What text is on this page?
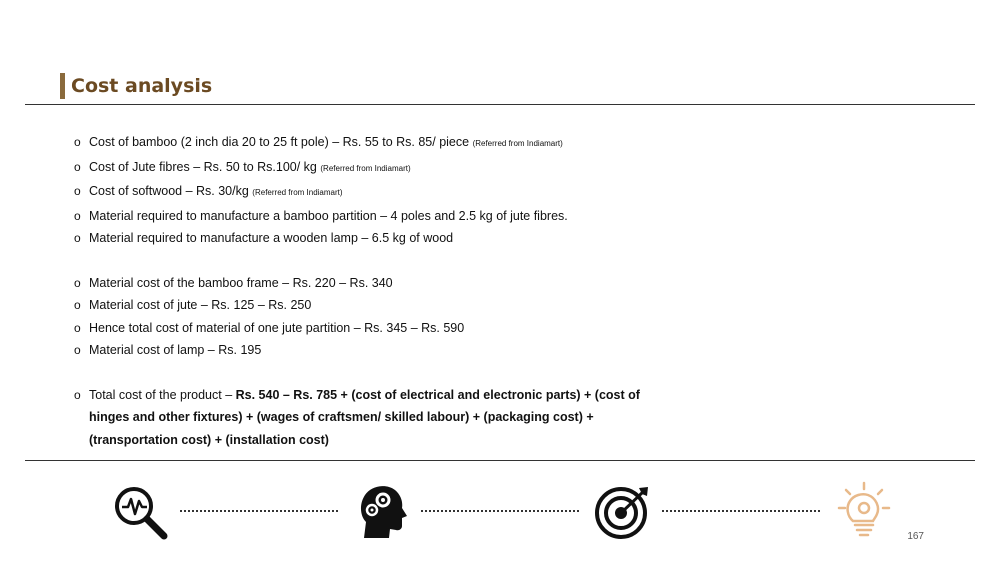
Cost analysis
o Cost of bamboo (2 inch dia 20 to 25 ft pole) – Rs. 55 to Rs. 85/ piece (Referred from Indiamart)
o Cost of Jute fibres – Rs. 50 to Rs.100/ kg (Referred from Indiamart)
o Cost of softwood – Rs. 30/kg (Referred from Indiamart)
o Material required to manufacture a bamboo partition – 4 poles and 2.5 kg of jute fibres.
o Material required to manufacture a wooden lamp – 6.5 kg of wood
o Material cost of the bamboo frame – Rs. 220 – Rs. 340
o Material cost of jute – Rs. 125 – Rs. 250
o Hence total cost of material of one jute partition – Rs. 345 – Rs. 590
o Material cost of lamp – Rs. 195
o Total cost of the product – Rs. 540 – Rs. 785 + (cost of electrical and electronic parts) + (cost of hinges and other fixtures) + (wages of craftsmen/ skilled labour) + (packaging cost) + (transportation cost) + (installation cost)
167
